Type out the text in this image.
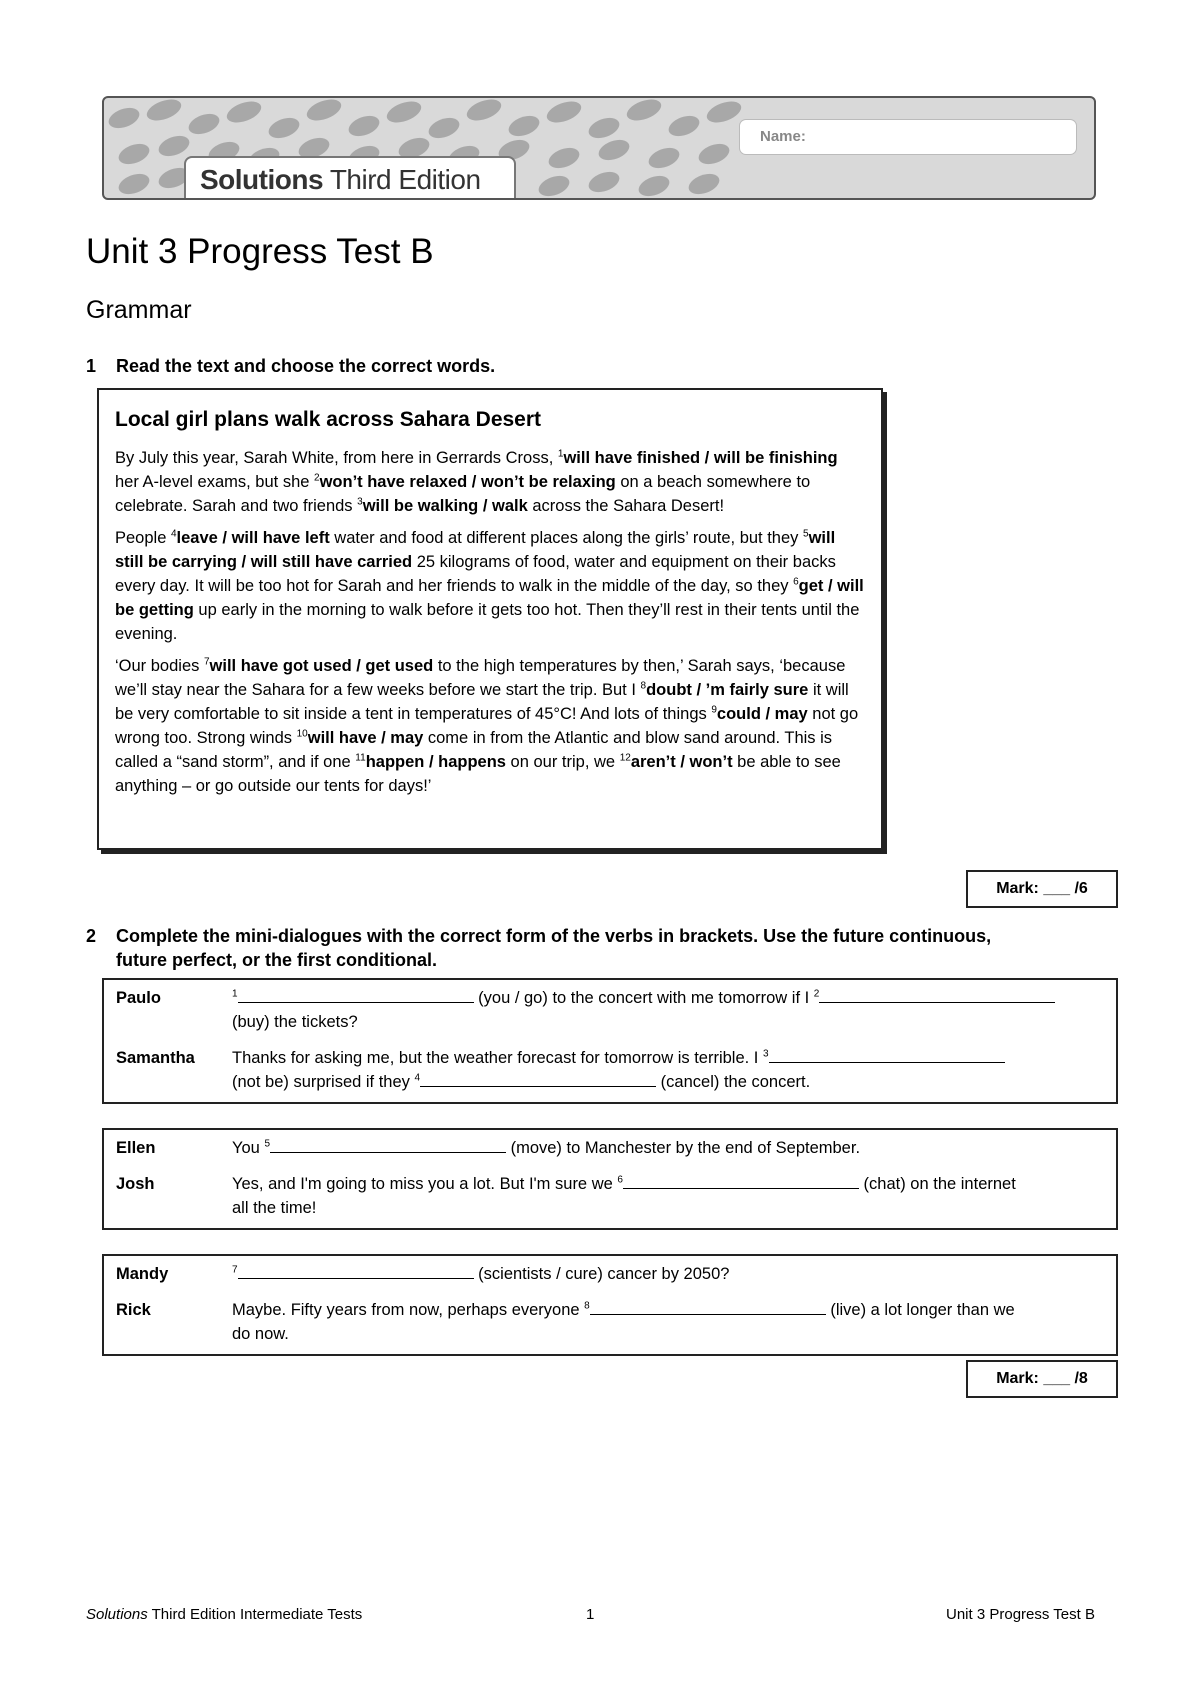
Name:
Solutions Third Edition
Unit 3 Progress Test B
Grammar
1 Read the text and choose the correct words.
Local girl plans walk across Sahara Desert

By July this year, Sarah White, from here in Gerrards Cross, $^1$will have finished / will be finishing her A-level exams, but she $^2$won’t have relaxed / won’t be relaxing on a beach somewhere to celebrate. Sarah and two friends $^3$will be walking / walk across the Sahara Desert!

People $^4$leave / will have left water and food at different places along the girls’ route, but they $^5$will still be carrying / will still have carried 25 kilograms of food, water and equipment on their backs every day. It will be too hot for Sarah and her friends to walk in the middle of the day, so they $^6$get / will be getting up early in the morning to walk before it gets too hot. Then they’ll rest in their tents until the evening.

‘Our bodies $^7$will have got used / get used to the high temperatures by then,’ Sarah says, ‘because we’ll stay near the Sahara for a few weeks before we start the trip. But I $^8$doubt / ’m fairly sure it will be very comfortable to sit inside a tent in temperatures of 45°C! And lots of things $^9$could / may not go wrong too. Strong winds $^{10}$will have / may come in from the Atlantic and blow sand around. This is called a “sand storm”, and if one $^{11}$happen / happens on our trip, we $^{12}$aren’t / won’t be able to see anything – or go outside our tents for days!’

Mark: ___ /6
2 Complete the mini-dialogues with the correct form of the verbs in brackets. Use the future continuous,
future perfect, or the first conditional.
Paulo	$^1$	(you / go) to the concert with me tomorrow if I $^2$
(buy) the tickets?
Samantha	Thanks for asking me, but the weather forecast for tomorrow is terrible. I $^3$
(not be) surprised if they $^4$	(cancel) the concert.
Ellen	You $^5$	(move) to Manchester by the end of September.
Josh	Yes, and I'm going to miss you a lot. But I'm sure we $^6$	(chat) on the internet
all the time!
Mandy	$^7$	(scientists / cure) cancer by 2050?
Rick	Maybe. Fifty years from now, perhaps everyone $^8$	(live) a lot longer than we
do now.
Mark: ___ /8
Solutions Third Edition Intermediate Tests	1	Unit 3 Progress Test B
